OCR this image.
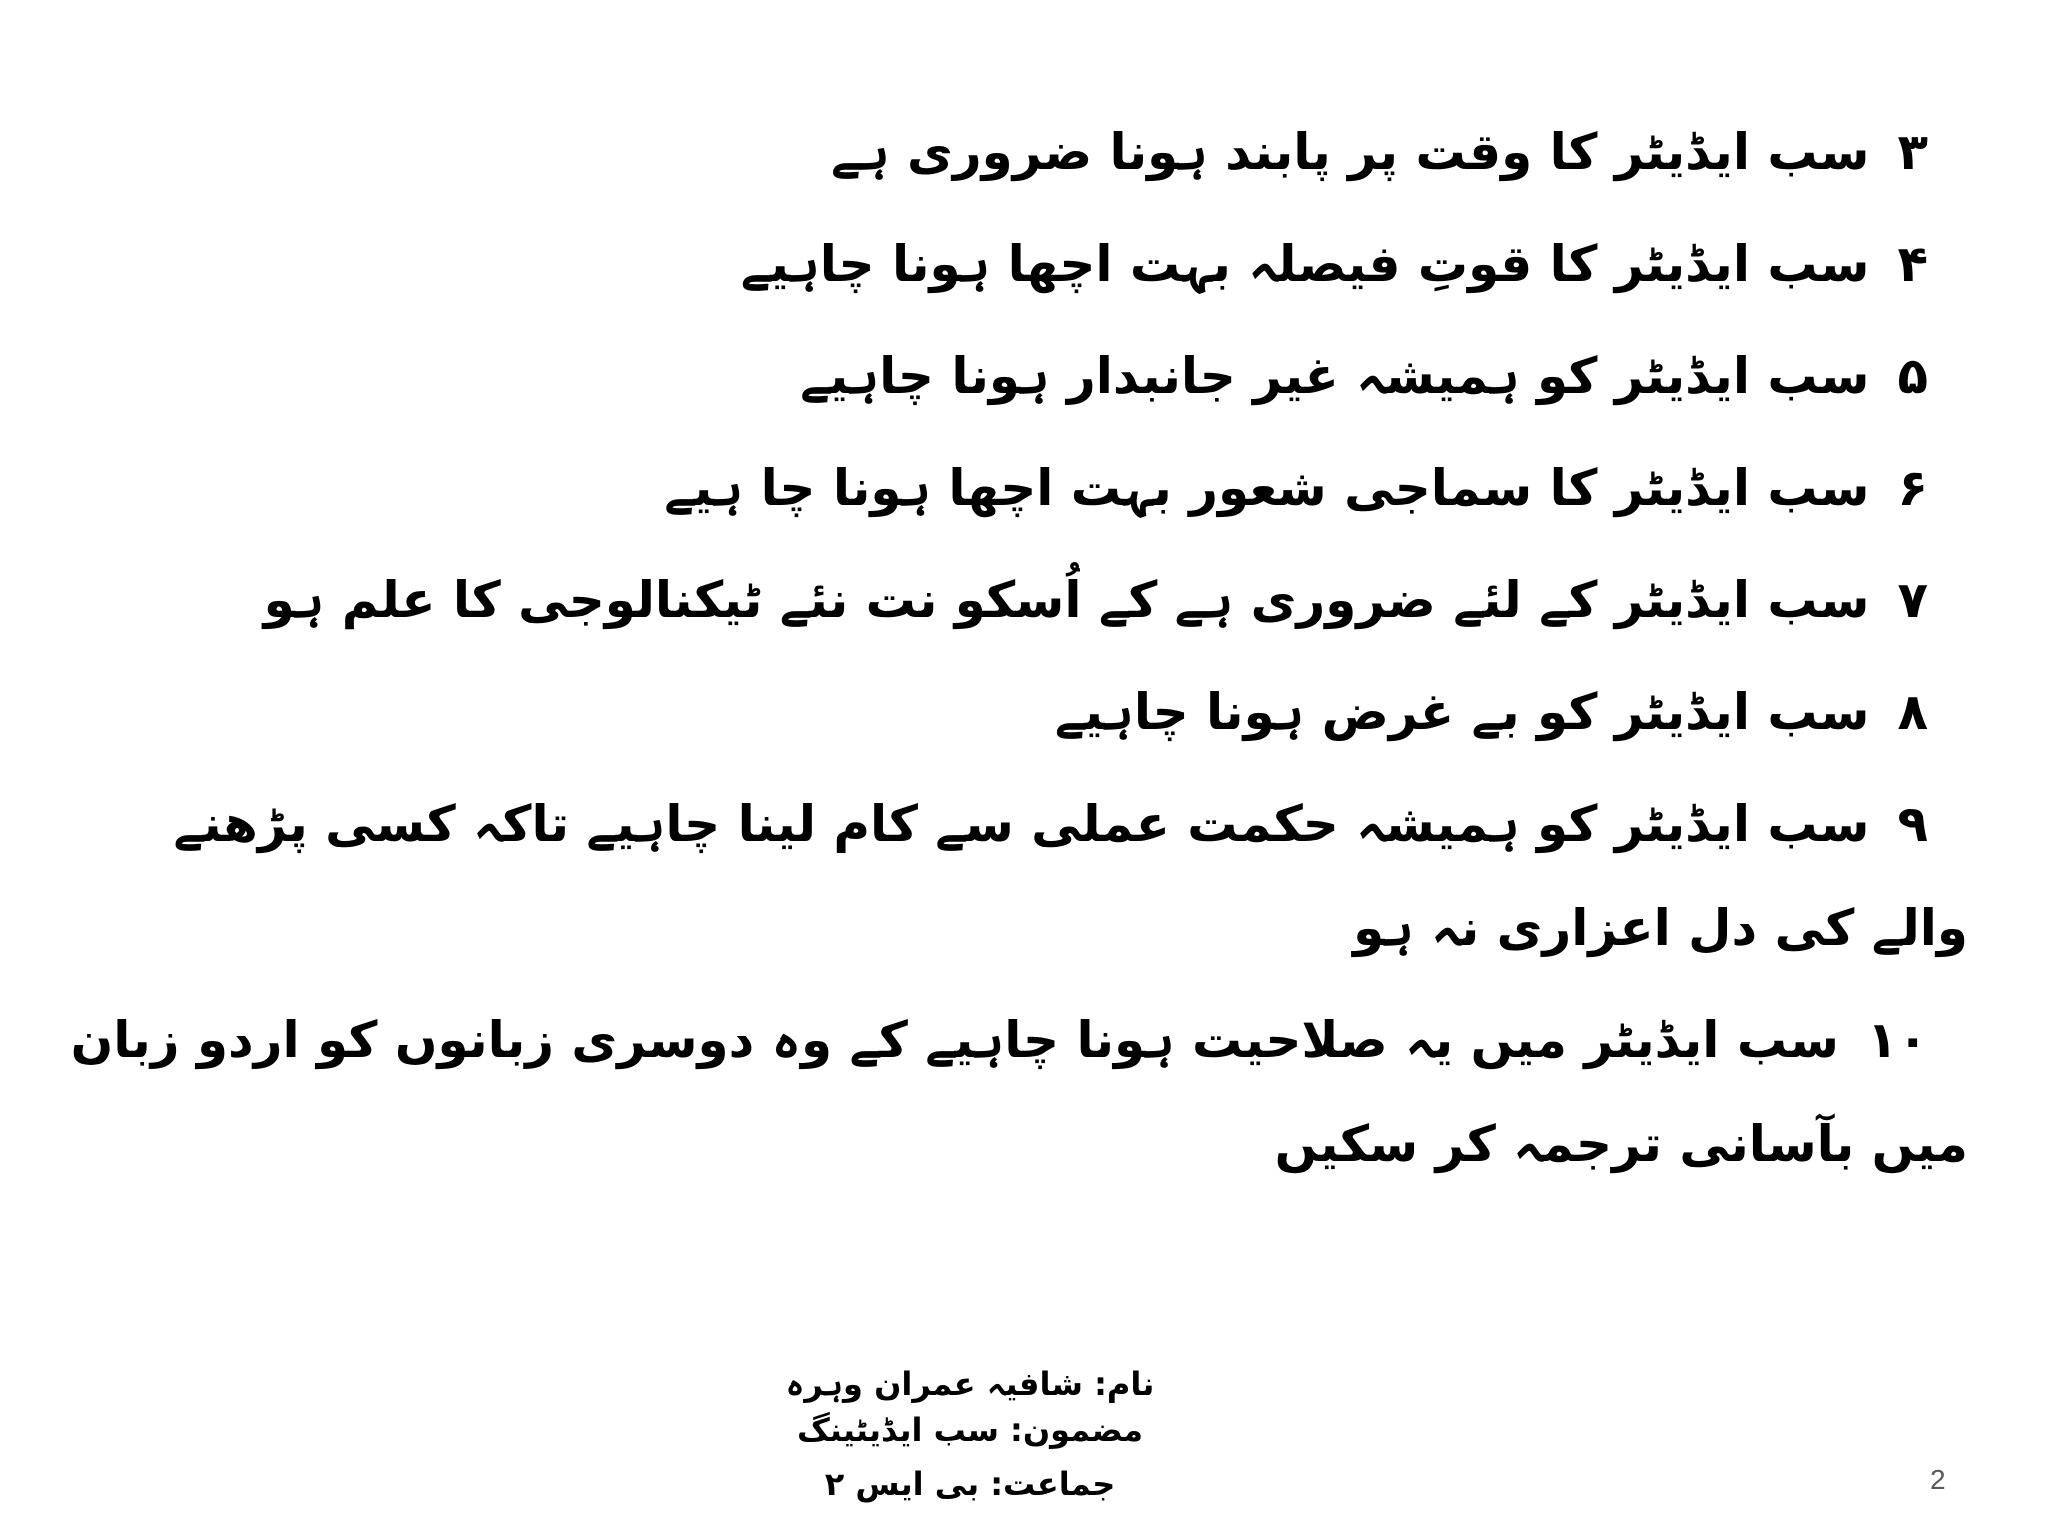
۳سب ایڈیٹر کا وقت پر پابند ہونا ضروری ہے
۴سب ایڈیٹر کا قوتِ فیصلہ بہت اچھا ہونا چاہیے
۵سب ایڈیٹر کو ہمیشہ غیر جانبدار ہونا چاہیے
۶سب ایڈیٹر کا سماجی شعور بہت اچھا ہونا چا ہیے
۷سب ایڈیٹر کے لئے ضروری ہے کے اُسکو نت نئے ٹیکنالوجی کا علم ہو
۸سب ایڈیٹر کو بے غرض ہونا چاہیے
۹سب ایڈیٹر کو ہمیشہ حکمت عملی سے کام لینا چاہیے تاکہ کسی پڑھنے
والے کی دل اعزاری نہ ہو
۱۰سب ایڈیٹر میں یہ صلاحیت ہونا چاہیے کے وہ دوسری زبانوں کو اردو زبان
میں بآسانی ترجمہ کر سکیں
نام: شافیہ عمران وہرہ
مضمون: سب ایڈیٹینگ
جماعت: بی ایس ۲	2
